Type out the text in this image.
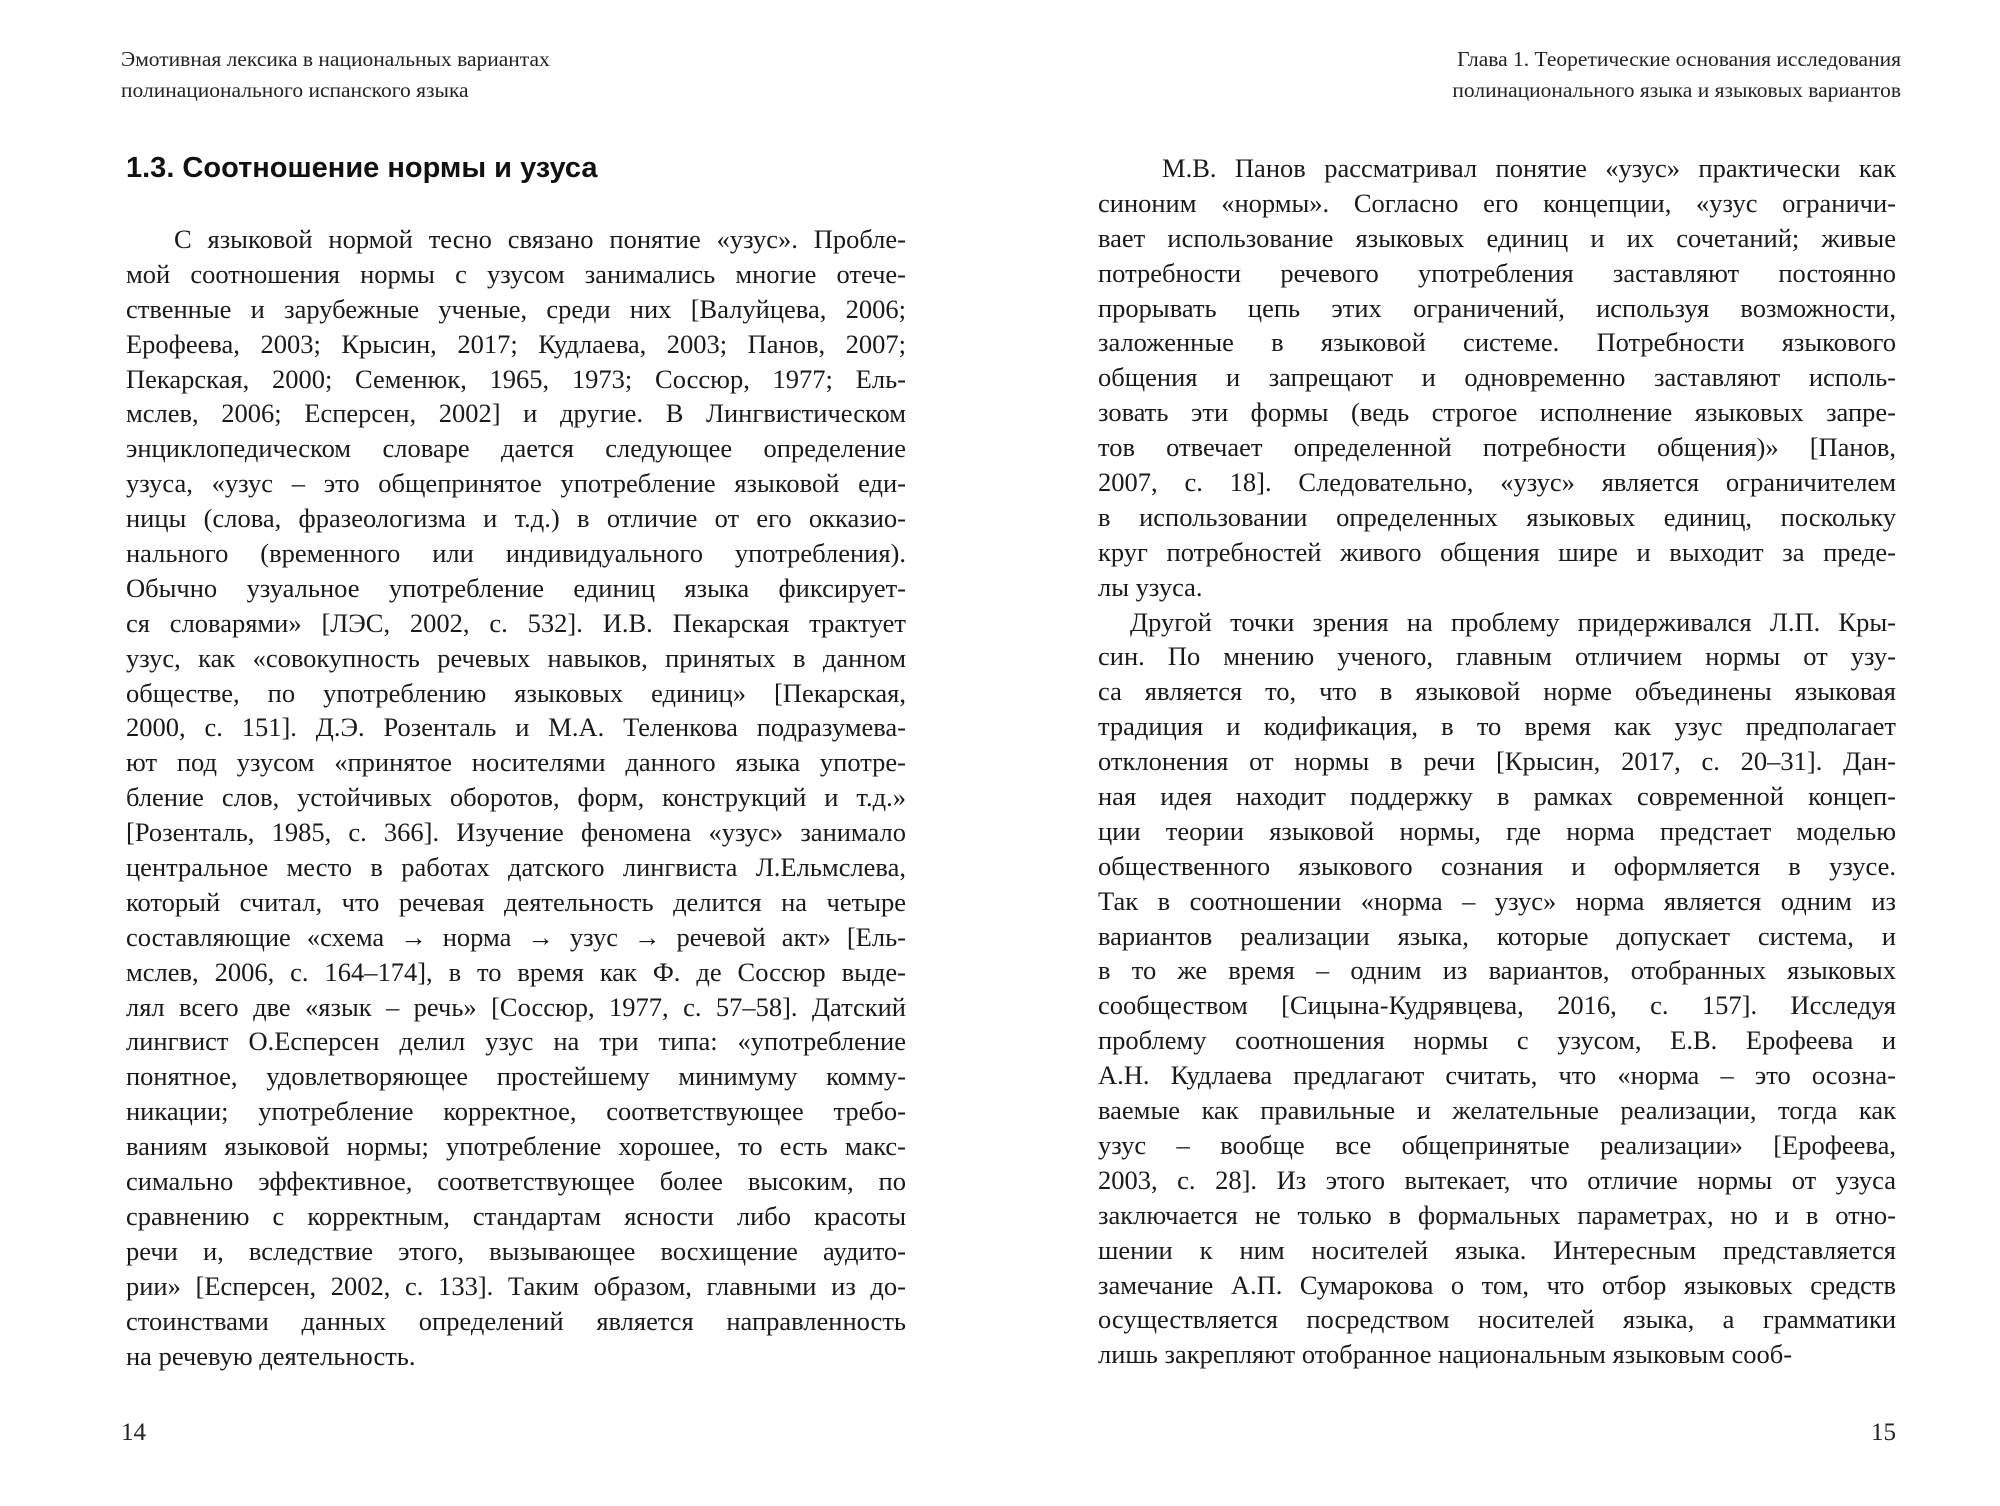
Эмотивная лексика в национальных вариантах
полинационального испанского языка
1.3. Соотношение нормы и узуса
С языковой нормой тесно связано понятие «узус». Пробле-
мой соотношения нормы с узусом занимались многие отече-
ственные и зарубежные ученые, среди них [Валуйцева, 2006;
Ерофеева, 2003; Крысин, 2017; Кудлаева, 2003; Панов, 2007;
Пекарская, 2000; Семенюк, 1965, 1973; Соссюр, 1977; Ель-
мслев, 2006; Есперсен, 2002] и другие. В Лингвистическом
энциклопедическом словаре дается следующее определение
узуса, «узус – это общепринятое употребление языковой еди-
ницы (слова, фразеологизма и т.д.) в отличие от его окказио-
нального (временного или индивидуального употребления).
Обычно узуальное употребление единиц языка фиксирует-
ся словарями» [ЛЭС, 2002, с. 532]. И.В. Пекарская трактует
узус, как «совокупность речевых навыков, принятых в данном
обществе, по употреблению языковых единиц» [Пекарская,
2000, с. 151]. Д.Э. Розенталь и М.А. Теленкова подразумева-
ют под узусом «принятое носителями данного языка употре-
бление слов, устойчивых оборотов, форм, конструкций и т.д.»
[Розенталь, 1985, с. 366]. Изучение феномена «узус» занимало
центральное место в работах датского лингвиста Л.Ельмслева,
который считал, что речевая деятельность делится на четыре
составляющие «схема → норма → узус → речевой акт» [Ель-
мслев, 2006, с. 164–174], в то время как Ф. де Соссюр выде-
лял всего две «язык – речь» [Соссюр, 1977, с. 57–58]. Датский
лингвист О.Есперсен делил узус на три типа: «употребление
понятное, удовлетворяющее простейшему минимуму комму-
никации; употребление корректное, соответствующее требо-
ваниям языковой нормы; употребление хорошее, то есть макс-
симально эффективное, соответствующее более высоким, по
сравнению с корректным, стандартам ясности либо красоты
речи и, вследствие этого, вызывающее восхищение аудито-
рии» [Есперсен, 2002, с. 133]. Таким образом, главными из до-
стоинствами данных определений является направленность
на речевую деятельность.
14
Глава 1. Теоретические основания исследования
полинационального языка и языковых вариантов
М.В. Панов рассматривал понятие «узус» практически как
синоним «нормы». Согласно его концепции, «узус ограничи-
вает использование языковых единиц и их сочетаний; живые
потребности речевого употребления заставляют постоянно
прорывать цепь этих ограничений, используя возможности,
заложенные в языковой системе. Потребности языкового
общения и запрещают и одновременно заставляют исполь-
зовать эти формы (ведь строгое исполнение языковых запре-
тов отвечает определенной потребности общения)» [Панов,
2007, с. 18]. Следовательно, «узус» является ограничителем
в использовании определенных языковых единиц, поскольку
круг потребностей живого общения шире и выходит за преде-
лы узуса.
Другой точки зрения на проблему придерживался Л.П. Кры-
син. По мнению ученого, главным отличием нормы от узу-
са является то, что в языковой норме объединены языковая
традиция и кодификация, в то время как узус предполагает
отклонения от нормы в речи [Крысин, 2017, с. 20–31]. Дан-
ная идея находит поддержку в рамках современной концеп-
ции теории языковой нормы, где норма предстает моделью
общественного языкового сознания и оформляется в узусе.
Так в соотношении «норма – узус» норма является одним из
вариантов реализации языка, которые допускает система, и
в то же время – одним из вариантов, отобранных языковых
сообществом [Сицына-Кудрявцева, 2016, с. 157]. Исследуя
проблему соотношения нормы с узусом, Е.В. Ерофеева и
А.Н. Кудлаева предлагают считать, что «норма – это осозна-
ваемые как правильные и желательные реализации, тогда как
узус – вообще все общепринятые реализации» [Ерофеева,
2003, с. 28]. Из этого вытекает, что отличие нормы от узуса
заключается не только в формальных параметрах, но и в отно-
шении к ним носителей языка. Интересным представляется
замечание А.П. Сумарокова о том, что отбор языковых средств
осуществляется посредством носителей языка, а грамматики
лишь закрепляют отобранное национальным языковым сооб-
15
